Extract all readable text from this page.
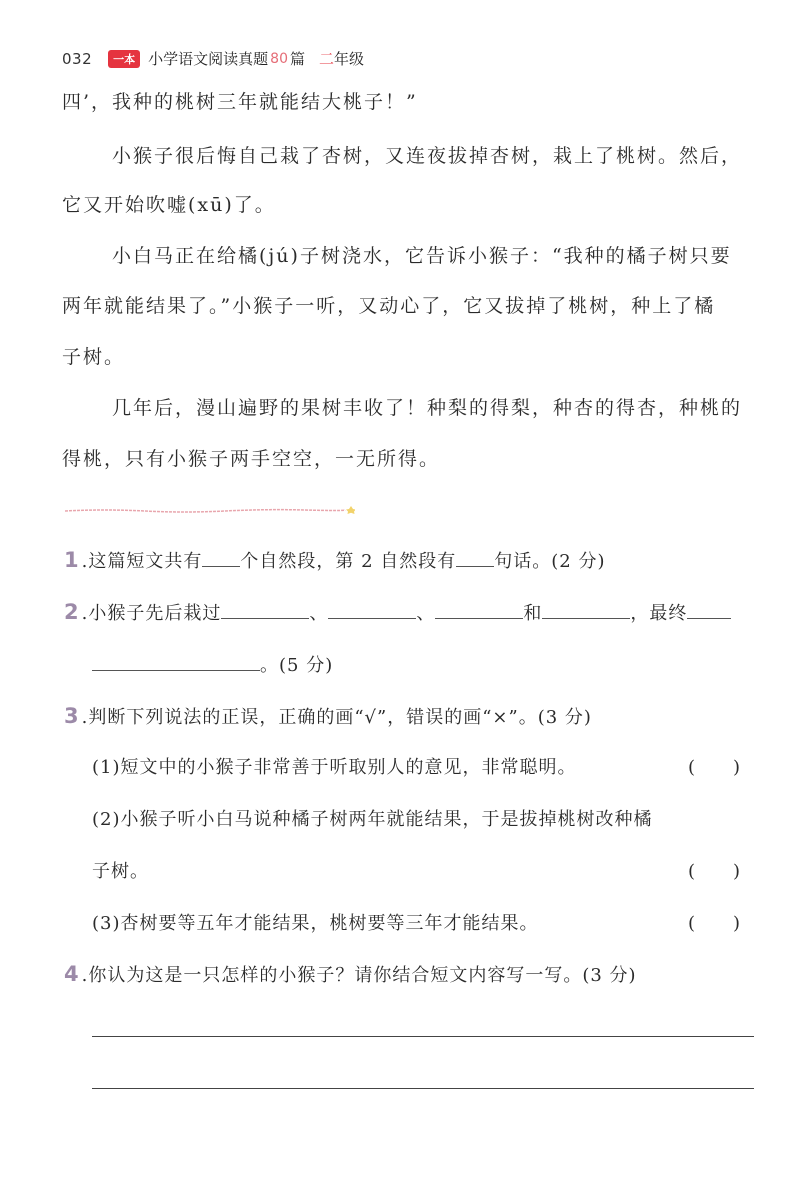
032	一本 小学语文阅读真题 80 篇 二年级
四’，我种的桃树三年就能结大桃子！”
小猴子很后悔自己栽了杏树，又连夜拔掉杏树，栽上了桃树。然后，
它又开始吹嘘(xū)了。
小白马正在给橘(jú)子树浇水，它告诉小猴子：“我种的橘子树只要
两年就能结果了。”小猴子一听，又动心了，它又拔掉了桃树，种上了橘
子树。
几年后，漫山遍野的果树丰收了！种梨的得梨，种杏的得杏，种桃的
得桃，只有小猴子两手空空，一无所得。
1 .这篇短文共有 个自然段，第 2 自然段有 句话。(2 分)
2 .小猴子先后栽过	、	、	和	，最终
。(5 分)
3 .判断下列说法的正误，正确的画“√”，错误的画“×”。(3 分)
(1)短文中的小猴子非常善于听取别人的意见，非常聪明。	()
(2)小猴子听小白马说种橘子树两年就能结果，于是拔掉桃树改种橘
子树。	()
(3)杏树要等五年才能结果，桃树要等三年才能结果。	()
4 .你认为这是一只怎样的小猴子？请你结合短文内容写一写。(3 分)
